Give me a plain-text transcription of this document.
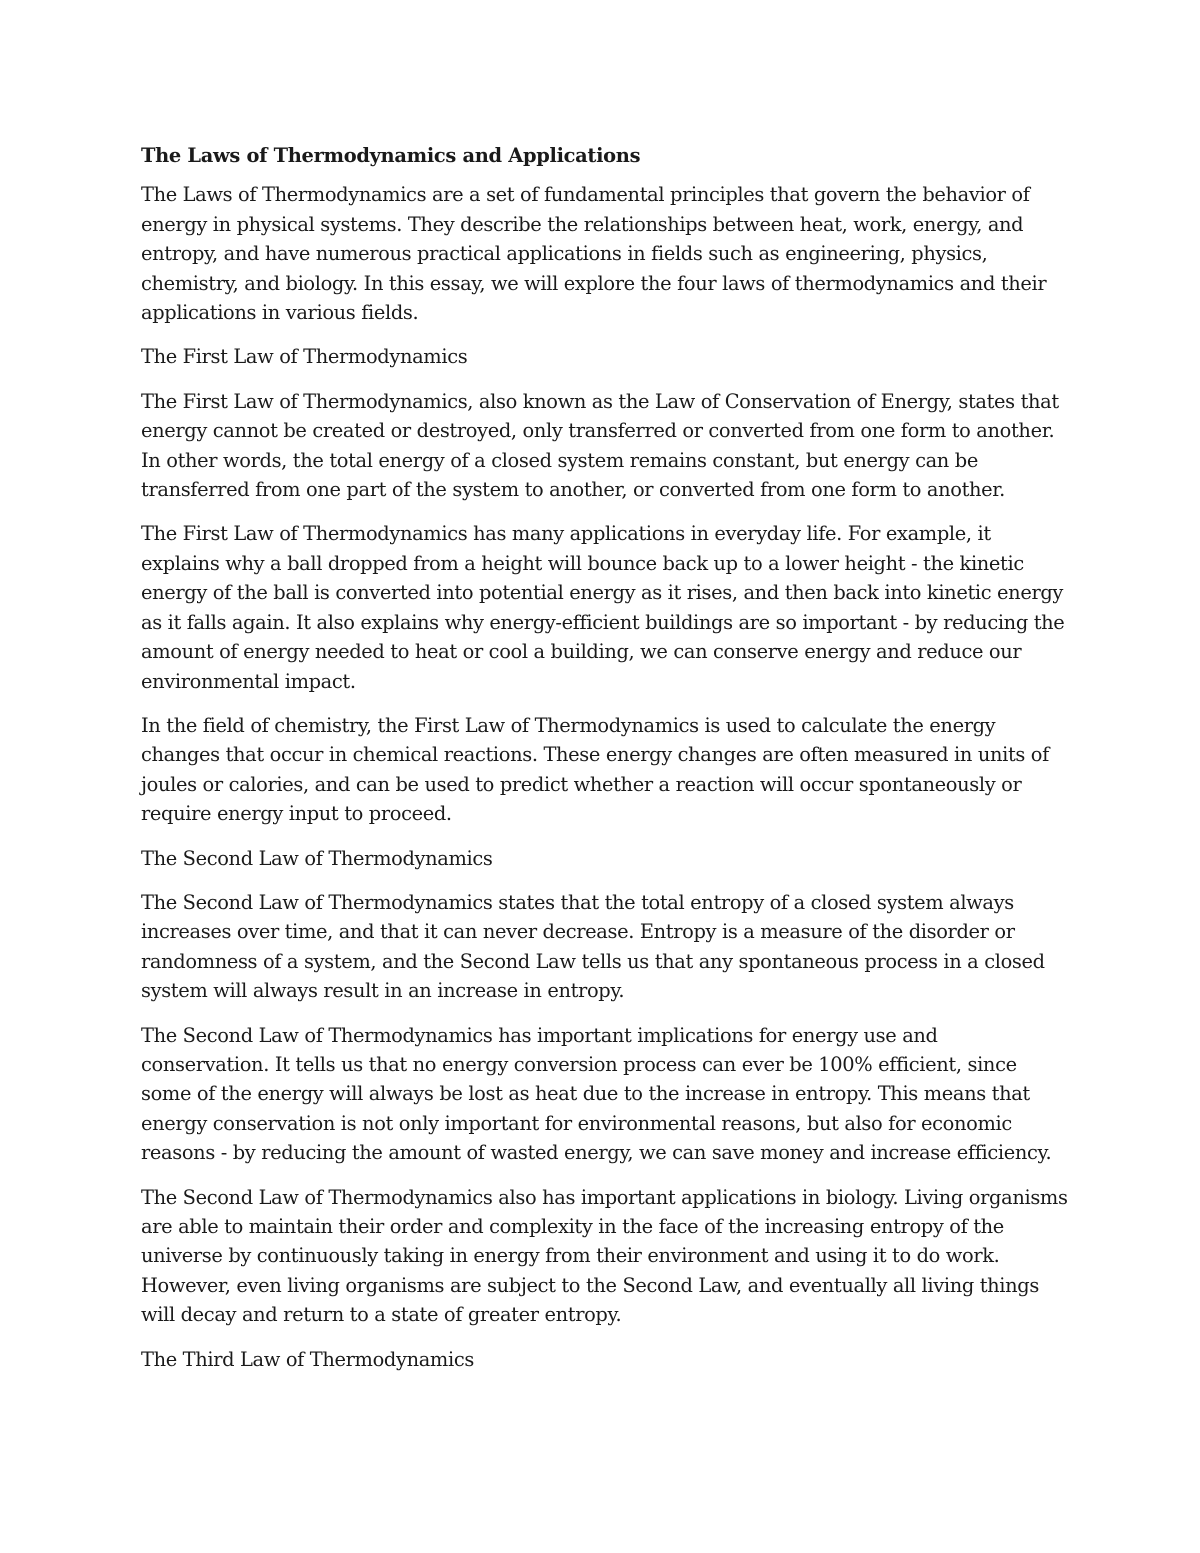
The Laws of Thermodynamics and Applications

The Laws of Thermodynamics are a set of fundamental principles that govern the behavior of energy in physical systems. They describe the relationships between heat, work, energy, and entropy, and have numerous practical applications in fields such as engineering, physics, chemistry, and biology. In this essay, we will explore the four laws of thermodynamics and their applications in various fields.

The First Law of Thermodynamics

The First Law of Thermodynamics, also known as the Law of Conservation of Energy, states that energy cannot be created or destroyed, only transferred or converted from one form to another. In other words, the total energy of a closed system remains constant, but energy can be transferred from one part of the system to another, or converted from one form to another.

The First Law of Thermodynamics has many applications in everyday life. For example, it explains why a ball dropped from a height will bounce back up to a lower height - the kinetic energy of the ball is converted into potential energy as it rises, and then back into kinetic energy as it falls again. It also explains why energy-efficient buildings are so important - by reducing the amount of energy needed to heat or cool a building, we can conserve energy and reduce our environmental impact.

In the field of chemistry, the First Law of Thermodynamics is used to calculate the energy changes that occur in chemical reactions. These energy changes are often measured in units of joules or calories, and can be used to predict whether a reaction will occur spontaneously or require energy input to proceed.

The Second Law of Thermodynamics

The Second Law of Thermodynamics states that the total entropy of a closed system always increases over time, and that it can never decrease. Entropy is a measure of the disorder or randomness of a system, and the Second Law tells us that any spontaneous process in a closed system will always result in an increase in entropy.

The Second Law of Thermodynamics has important implications for energy use and conservation. It tells us that no energy conversion process can ever be 100% efficient, since some of the energy will always be lost as heat due to the increase in entropy. This means that energy conservation is not only important for environmental reasons, but also for economic reasons - by reducing the amount of wasted energy, we can save money and increase efficiency.

The Second Law of Thermodynamics also has important applications in biology. Living organisms are able to maintain their order and complexity in the face of the increasing entropy of the universe by continuously taking in energy from their environment and using it to do work. However, even living organisms are subject to the Second Law, and eventually all living things will decay and return to a state of greater entropy.

The Third Law of Thermodynamics
